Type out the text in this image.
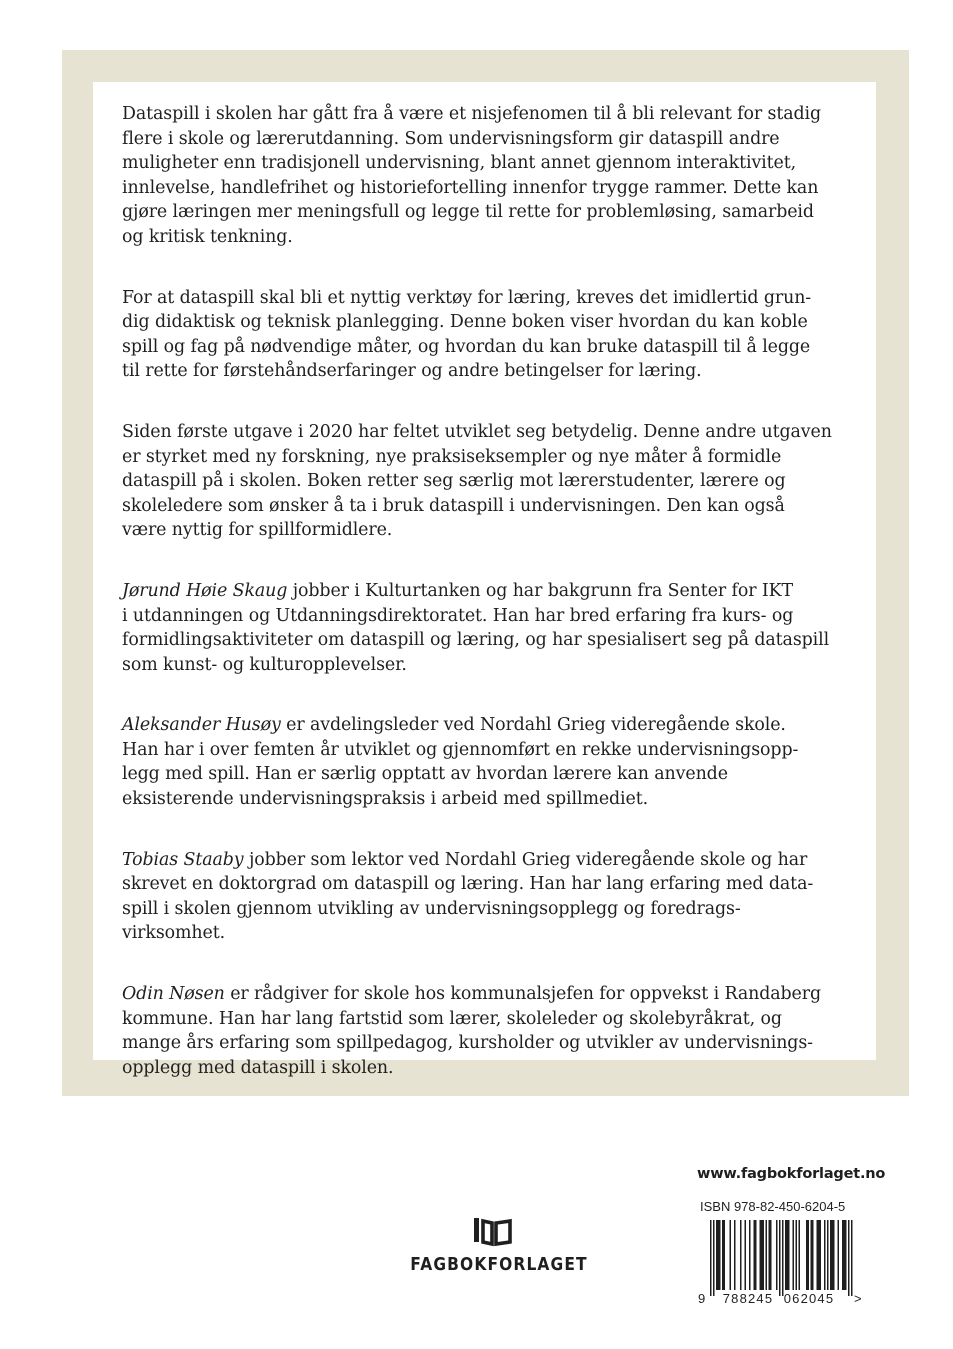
Dataspill i skolen har gått fra å være et nisjefenomen til å bli relevant for stadig
flere i skole og lærerutdanning. Som undervisningsform gir dataspill andre
muligheter enn tradisjonell undervisning, blant annet gjennom interaktivitet,
innlevelse, handlefrihet og historiefortelling innenfor trygge rammer. Dette kan
gjøre læringen mer meningsfull og legge til rette for problemløsing, samarbeid
og kritisk tenkning.

For at dataspill skal bli et nyttig verktøy for læring, kreves det imidlertid grun-
dig didaktisk og teknisk planlegging. Denne boken viser hvordan du kan koble
spill og fag på nødvendige måter, og hvordan du kan bruke dataspill til å legge
til rette for førstehåndserfaringer og andre betingelser for læring.

Siden første utgave i 2020 har feltet utviklet seg betydelig. Denne andre utgaven
er styrket med ny forskning, nye praksiseksempler og nye måter å formidle
dataspill på i skolen. Boken retter seg særlig mot lærerstudenter, lærere og
skoleledere som ønsker å ta i bruk dataspill i undervisningen. Den kan også
være nyttig for spillformidlere.

Jørund Høie Skaug jobber i Kulturtanken og har bakgrunn fra Senter for IKT
i utdanningen og Utdanningsdirektoratet. Han har bred erfaring fra kurs- og
formidlingsaktiviteter om dataspill og læring, og har spesialisert seg på dataspill
som kunst- og kulturopplevelser.

Aleksander Husøy er avdelingsleder ved Nordahl Grieg videregående skole.
Han har i over femten år utviklet og gjennomført en rekke undervisningsopp-
legg med spill. Han er særlig opptatt av hvordan lærere kan anvende
eksisterende undervisningspraksis i arbeid med spillmediet.

Tobias Staaby jobber som lektor ved Nordahl Grieg videregående skole og har
skrevet en doktorgrad om dataspill og læring. Han har lang erfaring med data-
spill i skolen gjennom utvikling av undervisningsopplegg og foredrags-
virksomhet.

Odin Nøsen er rådgiver for skole hos kommunalsjefen for oppvekst i Randaberg
kommune. Han har lang fartstid som lærer, skoleleder og skolebyråkrat, og
mange års erfaring som spillpedagog, kursholder og utvikler av undervisnings-
opplegg med dataspill i skolen.

FAGBOKFORLAGET
www.fagbokforlaget.no
ISBN 978-82-450-6204-5
9 788245 062045 >
